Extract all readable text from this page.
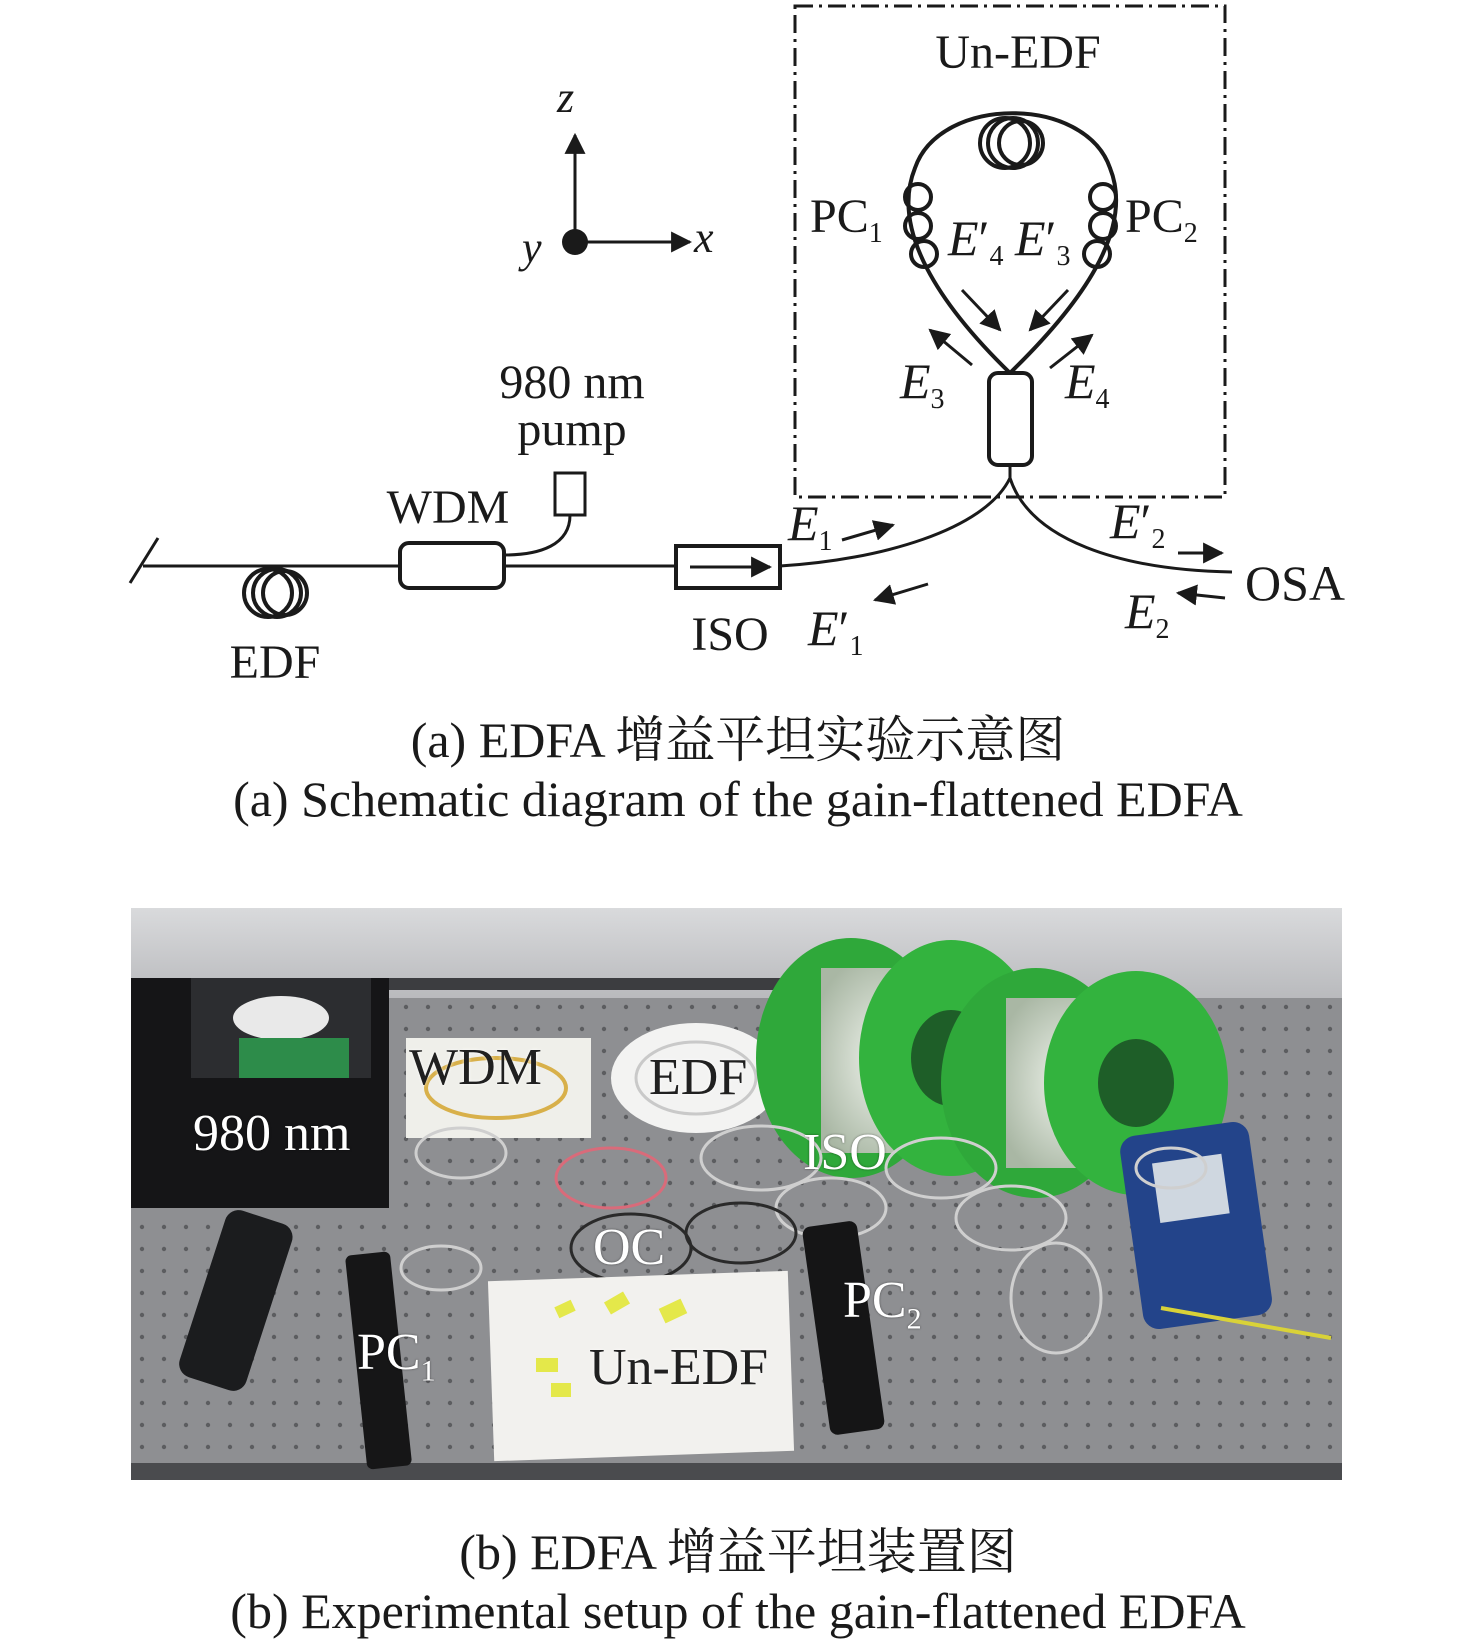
z
x
y
Un-EDF
$PC_1$	$PC_2$
$E'_4$ $E'_3$
$E_3$ $E_4$
EDF
WDM
980 nm
pump
ISO
$E_1$
$E'_1$
$E'_2$
$E_2$
OSA
(a) EDFA 增益平坦实验示意图
(a) Schematic diagram of the gain-flattened EDFA
WDM EDF
980 nm	ISO
OC
$PC_1$
$PC_2$
Un-EDF
(b) EDFA 增益平坦装置图
(b) Experimental setup of the gain-flattened EDFA
